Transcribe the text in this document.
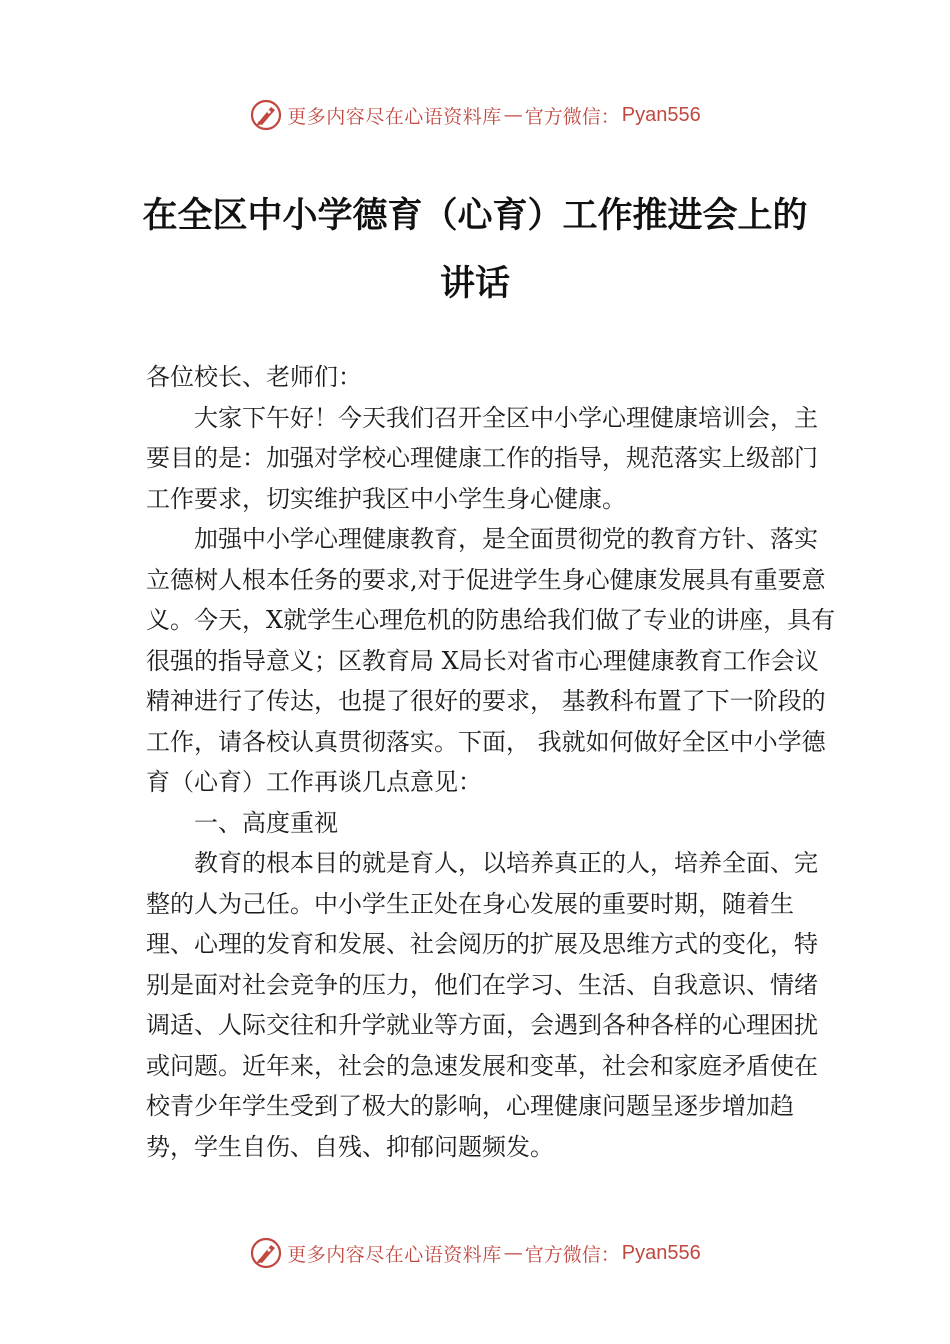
更多内容尽在心语资料库 — 官方微信： Pyan556
在全区中小学德育（心育）工作推进会上的讲话

各位校长、老师们：

大家下午好！今天我们召开全区中小学心理健康培训会，主要目的是：加强对学校心理健康工作的指导，规范落实上级部门工作要求，切实维护我区中小学生身心健康。

加强中小学心理健康教育，是全面贯彻党的教育方针、落实立德树人根本任务的要求,对于促进学生身心健康发展具有重要意义。今天，X就学生心理危机的防患给我们做了专业的讲座，具有很强的指导意义；区教育局 X局长对省市心理健康教育工作会议精神进行了传达，也提了很好的要求， 基教科布置了下一阶段的工作，请各校认真贯彻落实。下面， 我就如何做好全区中小学德育（心育）工作再谈几点意见：

一、高度重视

教育的根本目的就是育人，以培养真正的人，培养全面、完整的人为己任。中小学生正处在身心发展的重要时期，随着生理、心理的发育和发展、社会阅历的扩展及思维方式的变化，特别是面对社会竞争的压力，他们在学习、生活、自我意识、情绪调适、人际交往和升学就业等方面，会遇到各种各样的心理困扰或问题。近年来，社会的急速发展和变革，社会和家庭矛盾使在校青少年学生受到了极大的影响，心理健康问题呈逐步增加趋势，学生自伤、自残、抑郁问题频发。

更多内容尽在心语资料库 — 官方微信： Pyan556
